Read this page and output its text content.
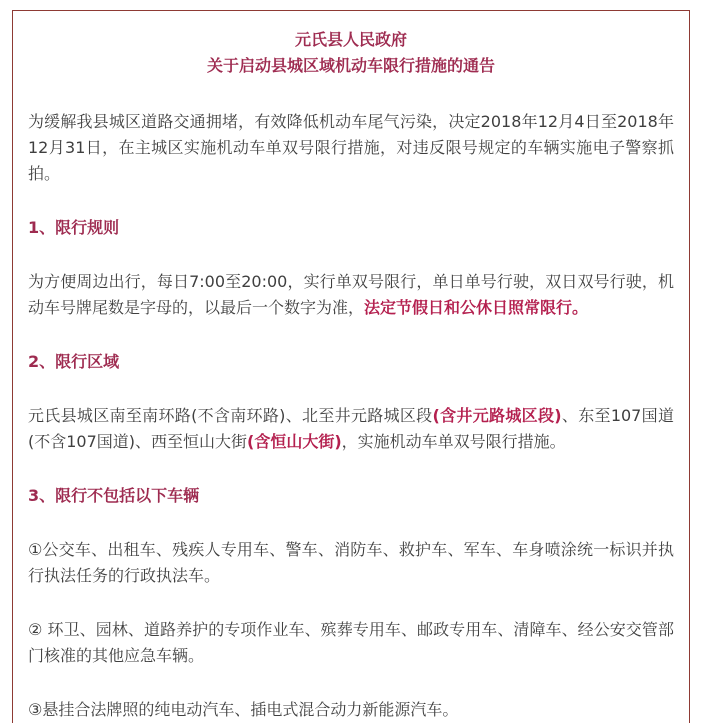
元氏县人民政府
关于启动县城区域机动车限行措施的通告

为缓解我县城区道路交通拥堵，有效降低机动车尾气污染，决定2018年12月4日至2018年12月31日，在主城区实施机动车单双号限行措施，对违反限号规定的车辆实施电子警察抓拍。

1、限行规则

为方便周边出行，每日7:00至20:00，实行单双号限行，单日单号行驶，双日双号行驶，机动车号牌尾数是字母的，以最后一个数字为准，法定节假日和公休日照常限行。

2、限行区域

元氏县城区南至南环路(不含南环路)、北至井元路城区段(含井元路城区段)、东至107国道(不含107国道)、西至恒山大街(含恒山大街)，实施机动车单双号限行措施。

3、限行不包括以下车辆

①公交车、出租车、残疾人专用车、警车、消防车、救护车、军车、车身喷涂统一标识并执行执法任务的行政执法车。

② 环卫、园林、道路养护的专项作业车、殡葬专用车、邮政专用车、清障车、经公安交管部门核准的其他应急车辆。

③悬挂合法牌照的纯电动汽车、插电式混合动力新能源汽车。
